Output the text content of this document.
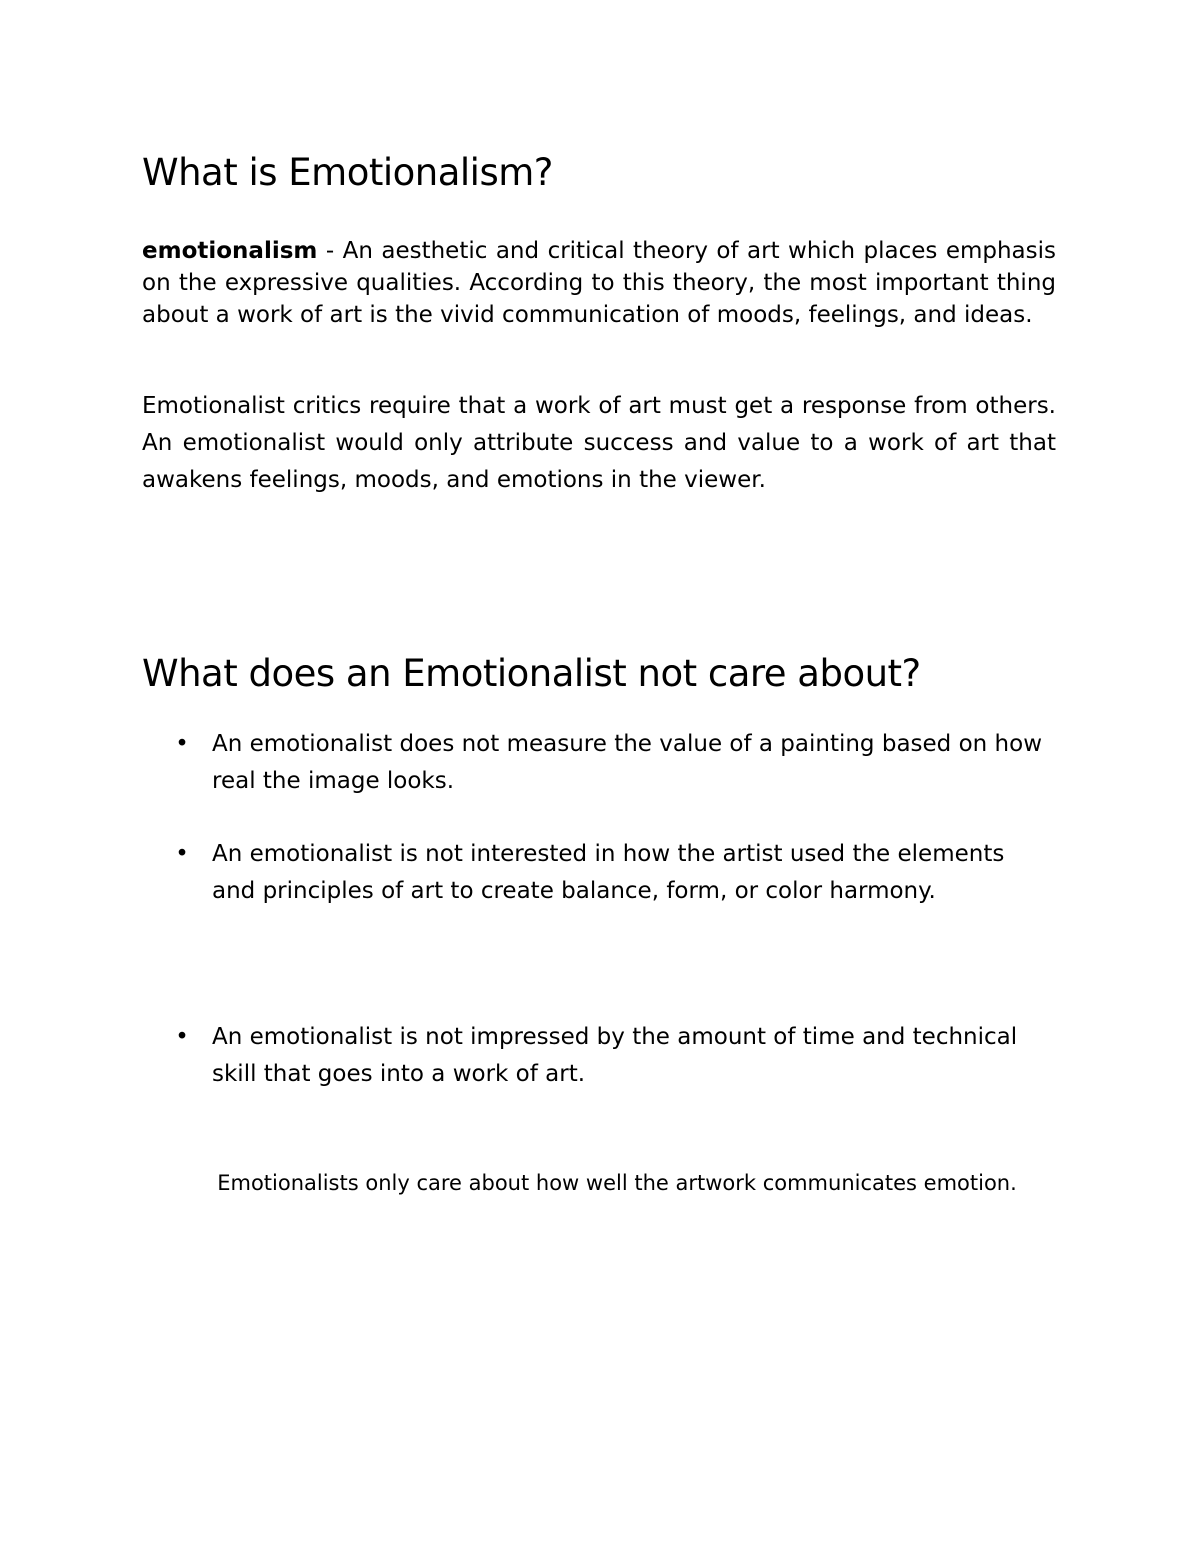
What is Emotionalism?

emotionalism - An aesthetic and critical theory of art which places emphasis on the expressive qualities. According to this theory, the most important thing about a work of art is the vivid communication of moods, feelings, and ideas.

Emotionalist critics require that a work of art must get a response from others. An emotionalist would only attribute success and value to a work of art that awakens feelings, moods, and emotions in the viewer.

What does an Emotionalist not care about?
• An emotionalist does not measure the value of a painting based on how real the image looks.
• An emotionalist is not interested in how the artist used the elements and principles of art to create balance, form, or color harmony.
• An emotionalist is not impressed by the amount of time and technical skill that goes into a work of art.

Emotionalists only care about how well the artwork communicates emotion.
